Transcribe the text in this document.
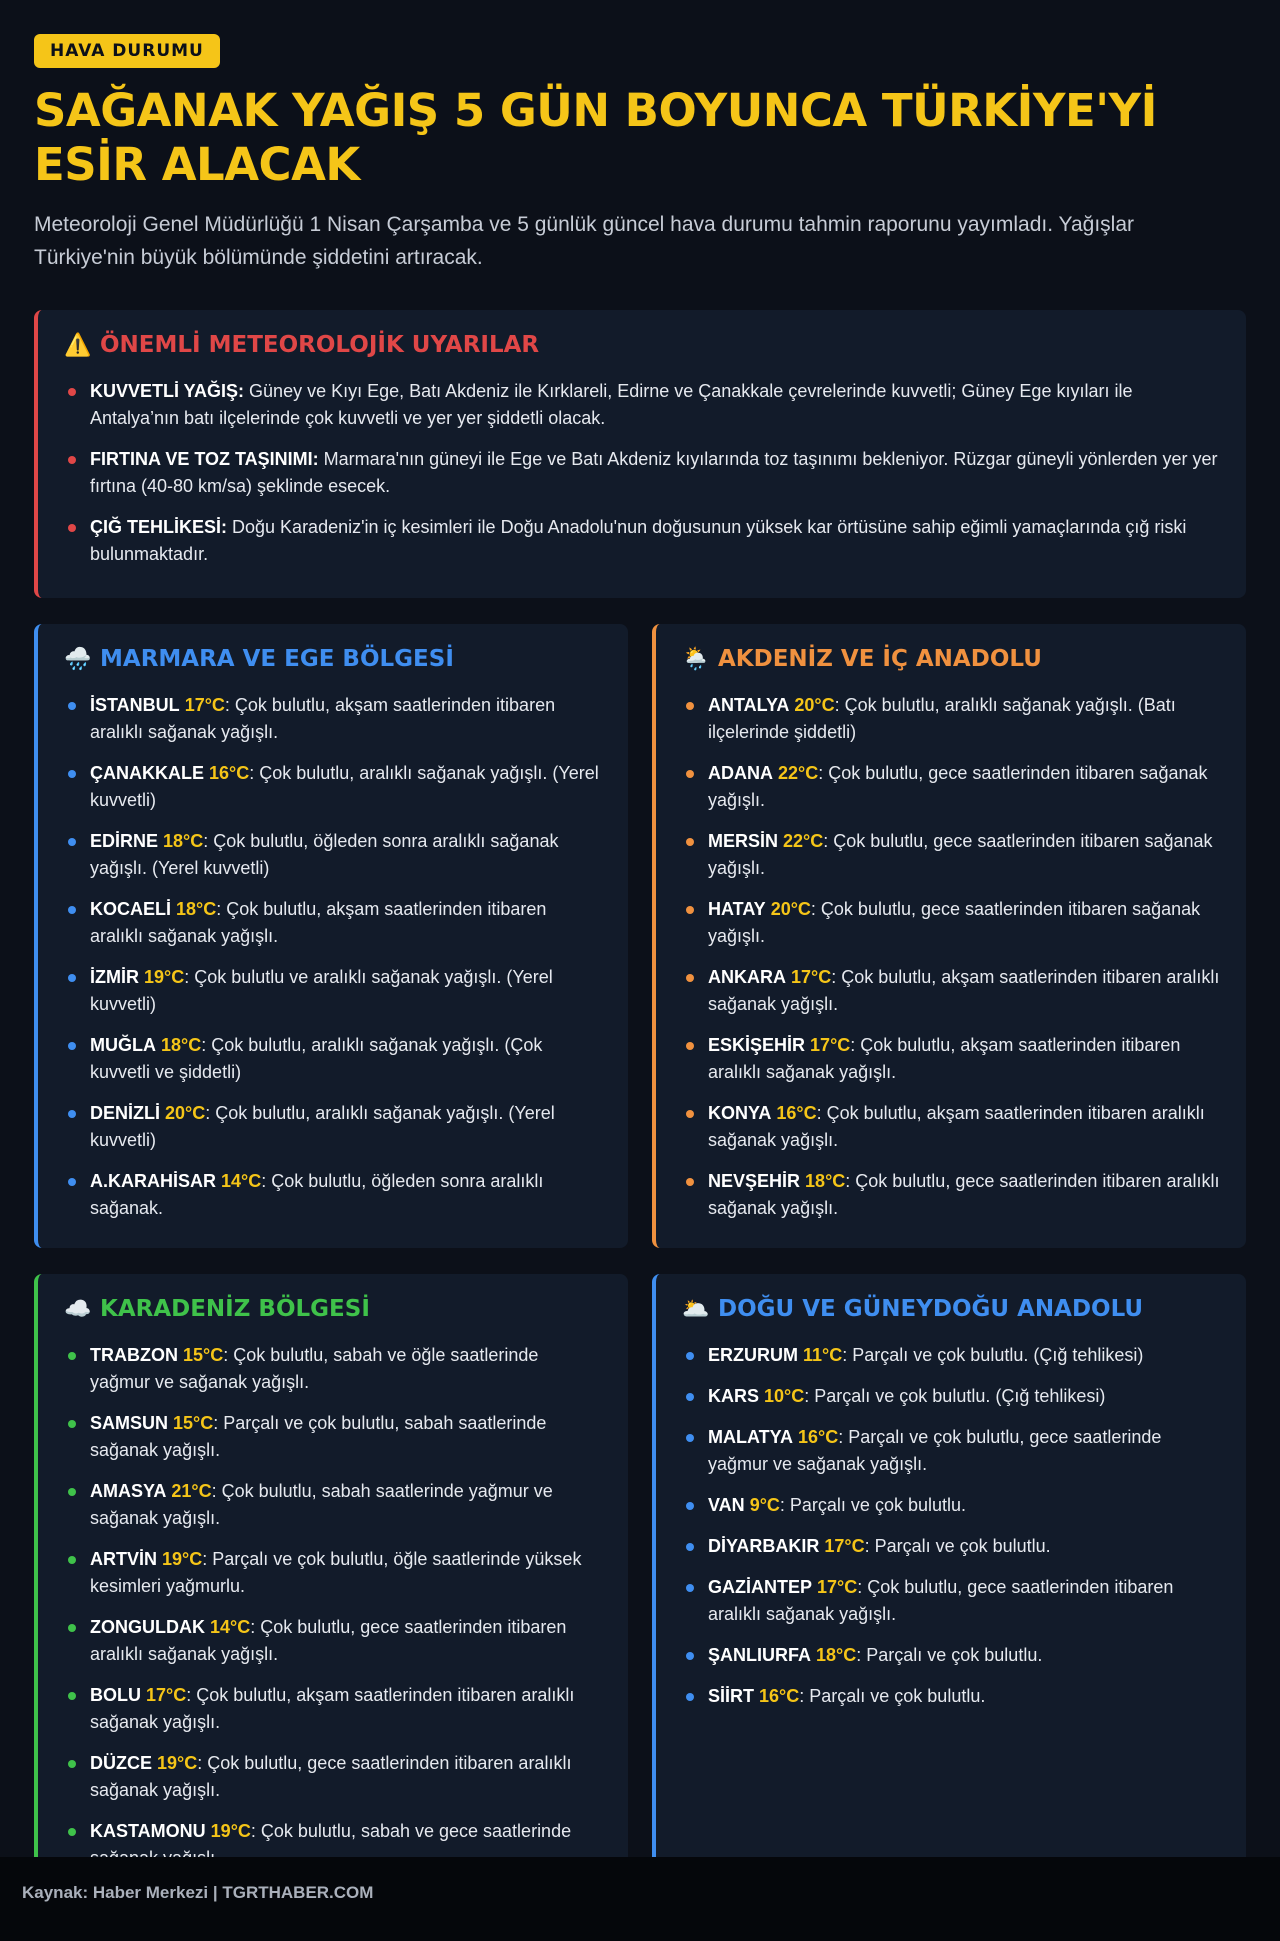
HAVA DURUMU
SAĞANAK YAĞIŞ 5 GÜN BOYUNCA TÜRKİYE'Yİ ESİR ALACAK

Meteoroloji Genel Müdürlüğü 1 Nisan Çarşamba ve 5 günlük güncel hava durumu tahmin raporunu yayımladı. Yağışlar Türkiye'nin büyük bölümünde şiddetini artıracak.

⚠️ ÖNEMLİ METEOROLOJİK UYARILAR
KUVVETLİ YAĞIŞ: Güney ve Kıyı Ege, Batı Akdeniz ile Kırklareli, Edirne ve Çanakkale çevrelerinde kuvvetli; Güney Ege kıyıları ile Antalya’nın batı ilçelerinde çok kuvvetli ve yer yer şiddetli olacak.
FIRTINA VE TOZ TAŞINIMI: Marmara'nın güneyi ile Ege ve Batı Akdeniz kıyılarında toz taşınımı bekleniyor. Rüzgar güneyli yönlerden yer yer fırtına (40-80 km/sa) şeklinde esecek.
ÇIĞ TEHLİKESİ: Doğu Karadeniz'in iç kesimleri ile Doğu Anadolu'nun doğusunun yüksek kar örtüsüne sahip eğimli yamaçlarında çığ riski bulunmaktadır.
🌧️ MARMARA VE EGE BÖLGESİ
İSTANBUL 17°C: Çok bulutlu, akşam saatlerinden itibaren aralıklı sağanak yağışlı.
ÇANAKKALE 16°C: Çok bulutlu, aralıklı sağanak yağışlı. (Yerel kuvvetli)
EDİRNE 18°C: Çok bulutlu, öğleden sonra aralıklı sağanak yağışlı. (Yerel kuvvetli)
KOCAELİ 18°C: Çok bulutlu, akşam saatlerinden itibaren aralıklı sağanak yağışlı.
İZMİR 19°C: Çok bulutlu ve aralıklı sağanak yağışlı. (Yerel kuvvetli)
MUĞLA 18°C: Çok bulutlu, aralıklı sağanak yağışlı. (Çok kuvvetli ve şiddetli)
DENİZLİ 20°C: Çok bulutlu, aralıklı sağanak yağışlı. (Yerel kuvvetli)
A.KARAHİSAR 14°C: Çok bulutlu, öğleden sonra aralıklı sağanak.
🌦️ AKDENİZ VE İÇ ANADOLU
ANTALYA 20°C: Çok bulutlu, aralıklı sağanak yağışlı. (Batı ilçelerinde şiddetli)
ADANA 22°C: Çok bulutlu, gece saatlerinden itibaren sağanak yağışlı.
MERSİN 22°C: Çok bulutlu, gece saatlerinden itibaren sağanak yağışlı.
HATAY 20°C: Çok bulutlu, gece saatlerinden itibaren sağanak yağışlı.
ANKARA 17°C: Çok bulutlu, akşam saatlerinden itibaren aralıklı sağanak yağışlı.
ESKİŞEHİR 17°C: Çok bulutlu, akşam saatlerinden itibaren aralıklı sağanak yağışlı.
KONYA 16°C: Çok bulutlu, akşam saatlerinden itibaren aralıklı sağanak yağışlı.
NEVŞEHİR 18°C: Çok bulutlu, gece saatlerinden itibaren aralıklı sağanak yağışlı.
☁️ KARADENİZ BÖLGESİ
TRABZON 15°C: Çok bulutlu, sabah ve öğle saatlerinde yağmur ve sağanak yağışlı.
SAMSUN 15°C: Parçalı ve çok bulutlu, sabah saatlerinde sağanak yağışlı.
AMASYA 21°C: Çok bulutlu, sabah saatlerinde yağmur ve sağanak yağışlı.
ARTVİN 19°C: Parçalı ve çok bulutlu, öğle saatlerinde yüksek kesimleri yağmurlu.
ZONGULDAK 14°C: Çok bulutlu, gece saatlerinden itibaren aralıklı sağanak yağışlı.
BOLU 17°C: Çok bulutlu, akşam saatlerinden itibaren aralıklı sağanak yağışlı.
DÜZCE 19°C: Çok bulutlu, gece saatlerinden itibaren aralıklı sağanak yağışlı.
KASTAMONU 19°C: Çok bulutlu, sabah ve gece saatlerinde
🌥️ DOĞU VE GÜNEYDOĞU ANADOLU
ERZURUM 11°C: Parçalı ve çok bulutlu. (Çığ tehlikesi)
KARS 10°C: Parçalı ve çok bulutlu. (Çığ tehlikesi)
MALATYA 16°C: Parçalı ve çok bulutlu, gece saatlerinde yağmur ve sağanak yağışlı.
VAN 9°C: Parçalı ve çok bulutlu.
DİYARBAKIR 17°C: Parçalı ve çok bulutlu.
GAZİANTEP 17°C: Çok bulutlu, gece saatlerinden itibaren aralıklı sağanak yağışlı.
ŞANLIURFA 18°C: Parçalı ve çok bulutlu.
SİİRT 16°C: Parçalı ve çok bulutlu.
Kaynak: Haber Merkezi | TGRTHABER.COM
